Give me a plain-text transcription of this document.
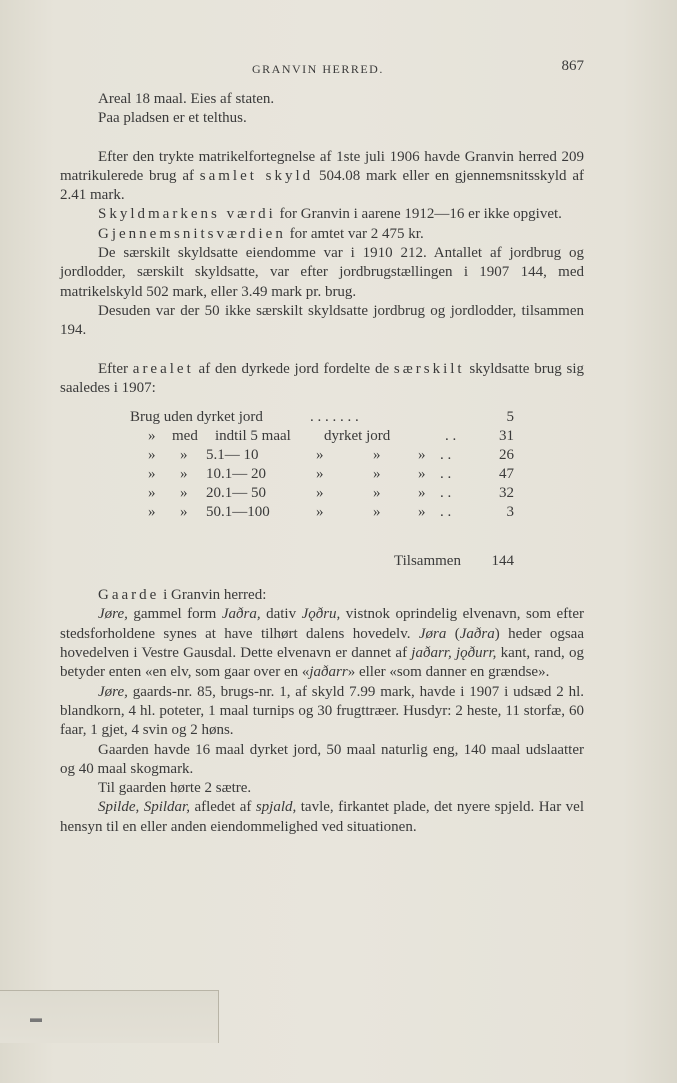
GRANVIN HERRED.	867

Areal 18 maal. Eies af staten.

Paa pladsen er et telthus.

Efter den trykte matrikelfortegnelse af 1ste juli 1906 havde Granvin herred 209 matrikulerede brug af samlet skyld 504.08 mark eller en gjennemsnitsskyld af 2.41 mark.

Skyldmarkens værdi for Granvin i aarene 1912—16 er ikke opgivet.

Gjennemsnitsværdien for amtet var 2 475 kr.

De særskilt skyldsatte eiendomme var i 1910 212. Antallet af jordbrug og jordlodder, særskilt skyldsatte, var efter jordbrugstællingen i 1907 144, med matrikelskyld 502 mark, eller 3.49 mark pr. brug.

Desuden var der 50 ikke særskilt skyldsatte jordbrug og jordlodder, tilsammen 194.

Efter arealet af den dyrkede jord fordelte de særskilt skyldsatte brug sig saaledes i 1907:

Brug uden dyrket jord	. . . . . . .	5
» med indtil 5 maal dyrket jord	. .	31
» » 5.1— 10	»	»	» . .	26
» » 10.1— 20	»	»	» . .	47
» » 20.1— 50	»	»	» . .	32
» » 50.1—100	»	»	» . .	3
Tilsammen 144

Gaarde i Granvin herred:

Jøre, gammel form Jaðra, dativ Jǫðru, vistnok oprindelig elvenavn, som efter stedsforholdene synes at have tilhørt dalens hovedelv. Jøra (Jaðra) heder ogsaa hovedelven i Vestre Gausdal. Dette elvenavn er dannet af jaðarr, jǫðurr, kant, rand, og betyder enten «en elv, som gaar over en «jaðarr» eller «som danner en grændse».

Jøre, gaards-nr. 85, brugs-nr. 1, af skyld 7.99 mark, havde i 1907 i udsæd 2 hl. blandkorn, 4 hl. poteter, 1 maal turnips og 30 frugttræer. Husdyr: 2 heste, 11 storfæ, 60 faar, 1 gjet, 4 svin og 2 høns.

Gaarden havde 16 maal dyrket jord, 50 maal naturlig eng, 140 maal udslaatter og 40 maal skogmark.

Til gaarden hørte 2 sætre.

Spilde, Spildar, afledet af spjald, tavle, firkantet plade, det nyere spjeld. Har vel hensyn til en eller anden eiendommelighed ved situationen.

▬
